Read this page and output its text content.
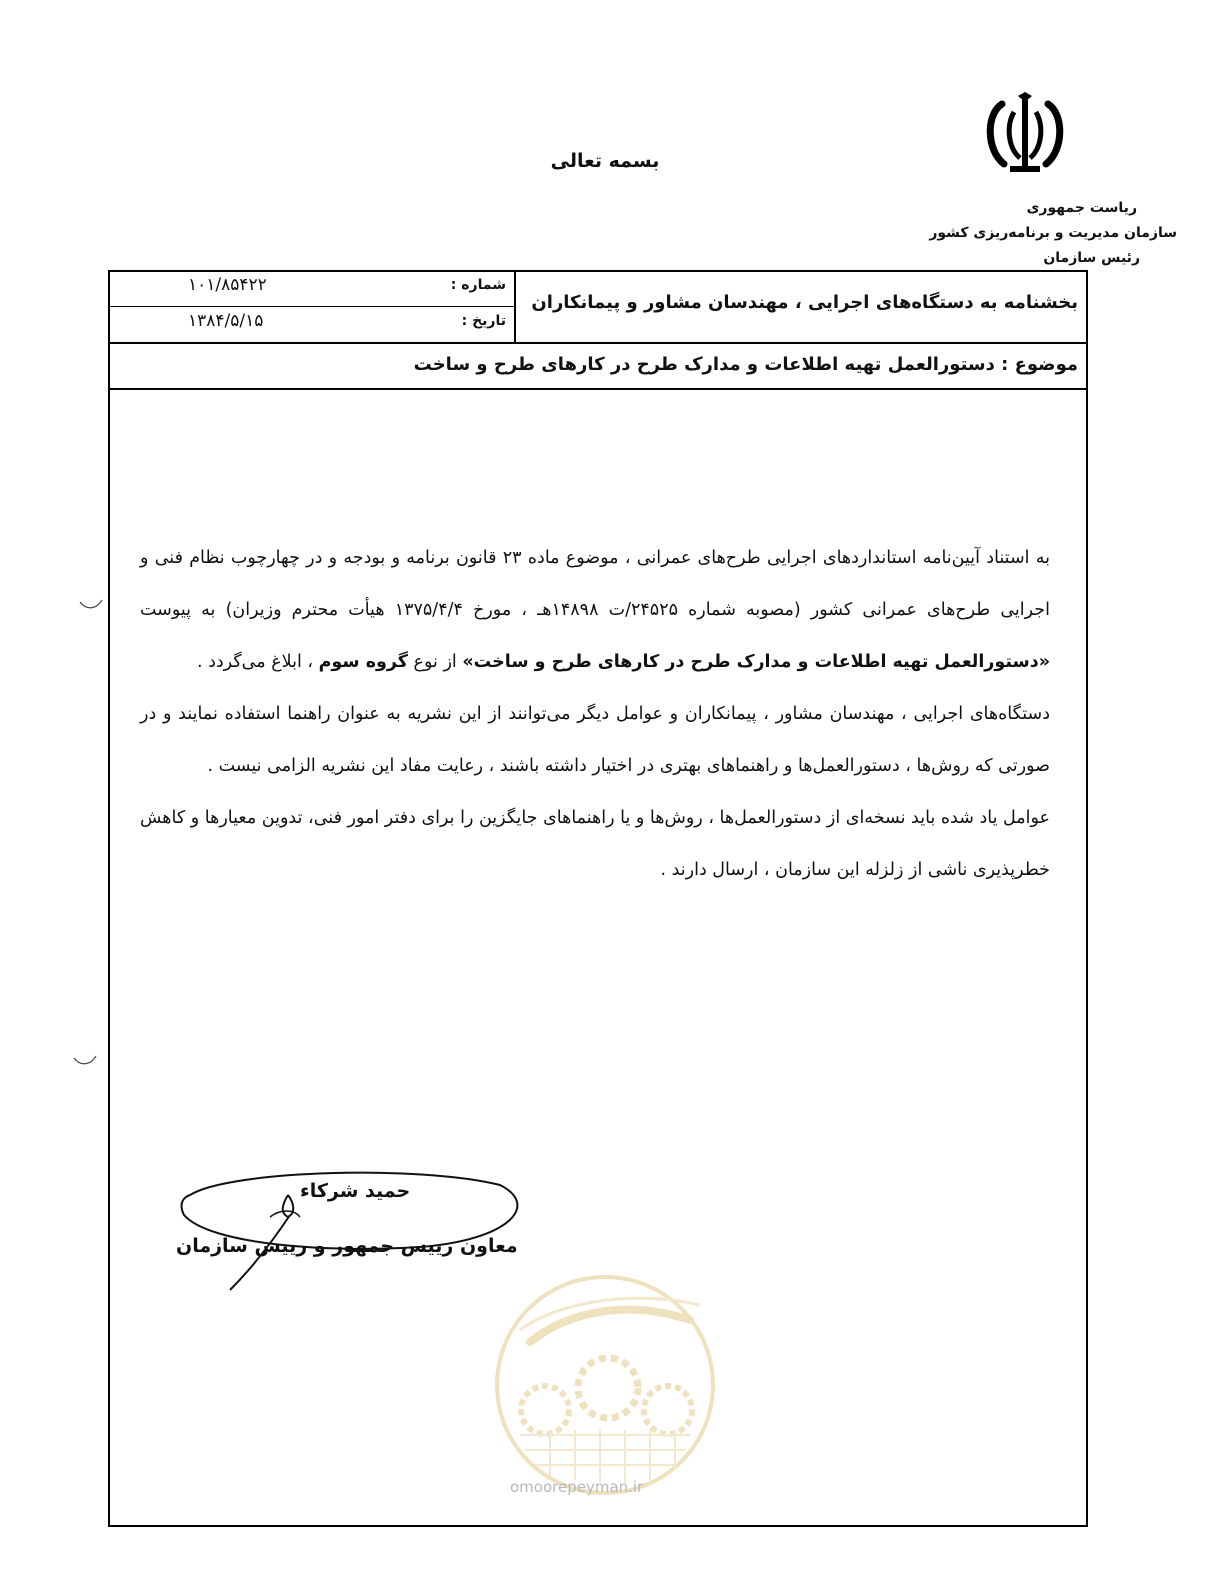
بسمه تعالی
ریاست جمهوری
سازمان مدیریت و برنامه‌ریزی کشور
رئیس سازمان
شماره :
۱۰۱/۸۵۴۲۲
تاریخ :
۱۳۸۴/۵/۱۵
بخشنامه به دستگاه‌های اجرایی ، مهندسان مشاور و پیمانکاران
موضوع : دستورالعمل تهیه اطلاعات و مدارک طرح در کارهای طرح و ساخت

به استناد آیین‌نامه استانداردهای اجرایی طرح‌های عمرانی ، موضوع ماده ۲۳ قانون برنامه و بودجه و در چهارچوب نظام فنی و اجرایی طرح‌های عمرانی کشور (مصوبه شماره ۲۴۵۲۵/ت ۱۴۸۹۸هـ ، مورخ ۱۳۷۵/۴/۴ هیأت محترم وزیران) به پیوست «دستورالعمل تهیه اطلاعات و مدارک طرح در کارهای طرح و ساخت» از نوع گروه سوم ، ابلاغ می‌گردد .

دستگاه‌های اجرایی ، مهندسان مشاور ، پیمانکاران و عوامل دیگر می‌توانند از این نشریه به عنوان راهنما استفاده نمایند و در صورتی که روش‌ها ، دستورالعمل‌ها و راهنماهای بهتری در اختیار داشته باشند ، رعایت مفاد این نشریه الزامی نیست .

عوامل یاد شده باید نسخه‌ای از دستورالعمل‌ها ، روش‌ها و یا راهنماهای جایگزین را برای دفتر امور فنی، تدوین معیارها و کاهش خطرپذیری ناشی از زلزله این سازمان ، ارسال دارند .

حمید شرکاء
معاون رییس جمهور و رییس سازمان
omoorepeyman.ir
